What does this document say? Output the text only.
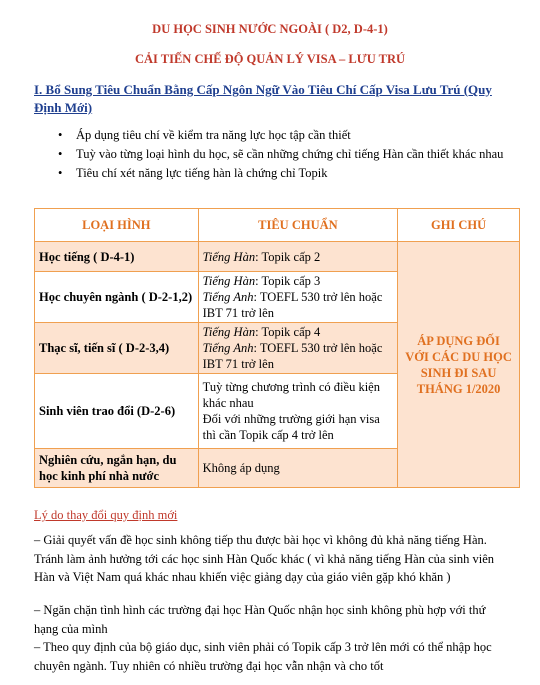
DU HỌC SINH NƯỚC NGOÀI ( D2, D-4-1)
CẢI TIẾN CHẾ ĐỘ QUẢN LÝ VISA – LƯU TRÚ
I. Bổ Sung Tiêu Chuẩn Bằng Cấp Ngôn Ngữ Vào Tiêu Chí Cấp Visa Lưu Trú (Quy Định Mới)
• Áp dụng tiêu chí về kiểm tra năng lực học tập cần thiết
• Tuỳ vào từng loại hình du học, sẽ cần những chứng chỉ tiếng Hàn cần thiết khác nhau
• Tiêu chí xét năng lực tiếng hàn là chứng chỉ Topik
LOẠI HÌNH	TIÊU CHUẨN	GHI CHÚ
Học tiếng ( D-4-1)	Tiếng Hàn: Topik cấp 2	ÁP DỤNG ĐỐI VỚI CÁC DU HỌC SINH ĐI SAU THÁNG 1/2020
Học chuyên ngành ( D-2-1,2)	Tiếng Hàn: Topik cấp 3
Tiếng Anh: TOEFL 530 trở lên hoặc IBT 71 trở lên	
Thạc sĩ, tiến sĩ ( D-2-3,4)	Tiếng Hàn: Topik cấp 4
Tiếng Anh: TOEFL 530 trở lên hoặc IBT 71 trở lên	
Sinh viên trao đổi (D-2-6)	Tuỳ từng chương trình có điều kiện khác nhau
Đối với những trường giới hạn visa thì cần Topik cấp 4 trở lên	
Nghiên cứu, ngắn hạn, du học kinh phí nhà nước	Không áp dụng	
Lý do thay đổi quy định mới
– Giải quyết vấn đề học sinh không tiếp thu được bài học vì không đủ khả năng tiếng Hàn. Tránh làm ảnh hưởng tới các học sinh Hàn Quốc khác ( vì khả năng tiếng Hàn của sinh viên Hàn và Việt Nam quá khác nhau khiến việc giảng dạy của giáo viên gặp khó khăn )
– Ngăn chặn tình hình các trường đại học Hàn Quốc nhận học sinh không phù hợp với thứ hạng của mình
– Theo quy định của bộ giáo dục, sinh viên phải có Topik cấp 3 trở lên mới có thể nhập học chuyên ngành. Tuy nhiên có nhiều trường đại học vẫn nhận và cho tốt
